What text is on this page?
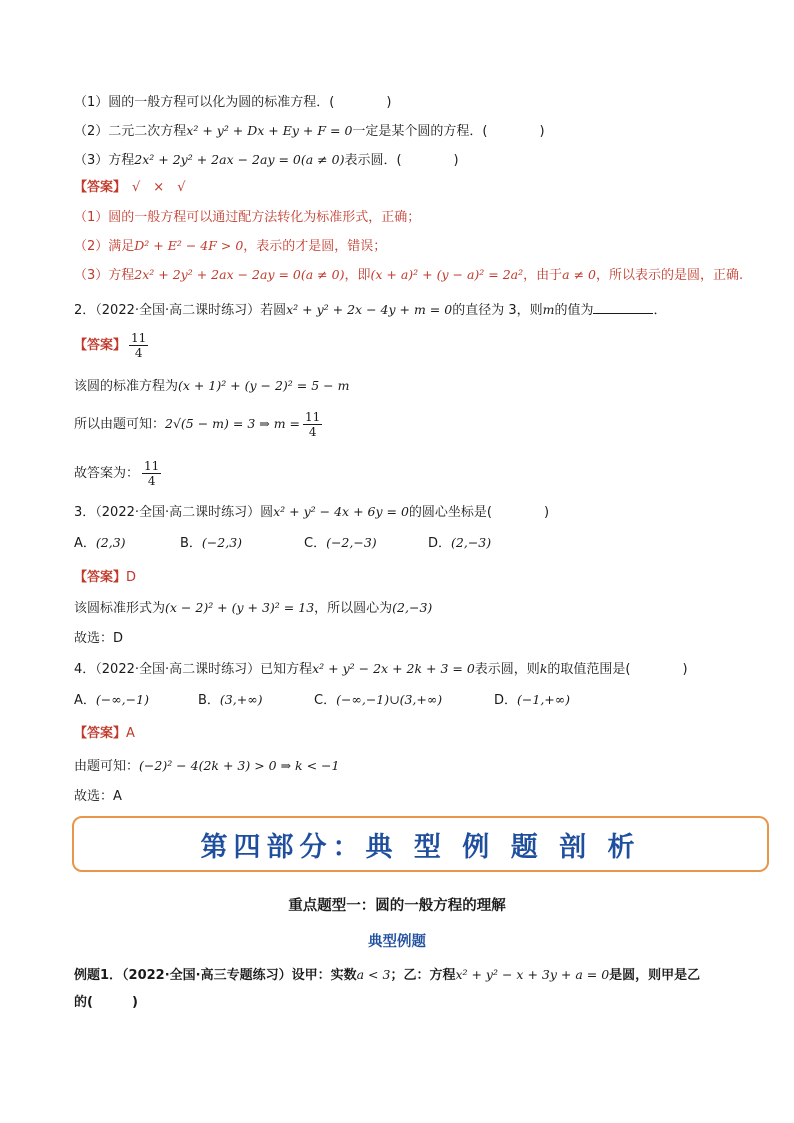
（1）圆的一般方程可以化为圆的标准方程．(　　　　)
（2）二元二次方程x² + y² + Dx + Ey + F = 0一定是某个圆的方程．(　　　　)
（3）方程2x² + 2y² + 2ax − 2ay = 0(a ≠ 0)表示圆．(　　　　)
【答案】 √　×　√
（1）圆的一般方程可以通过配方法转化为标准形式，正确；
（2）满足D² + E² − 4F > 0，表示的才是圆，错误；
（3）方程2x² + 2y² + 2ax − 2ay = 0(a ≠ 0)，即(x + a)² + (y − a)² = 2a²，由于a ≠ 0，所以表示的是圆，正确.
2．（2022·全国·高二课时练习）若圆x² + y² + 2x − 4y + m = 0的直径为 3，则m的值为	．
【答案】 $\frac{11}{4}$
该圆的标准方程为(x + 1)² + (y − 2)² = 5 − m
所以由题可知：2√(5 − m) = 3 ⇒ $m = \frac{11}{4}$
故答案为： $\frac{11}{4}$
3．（2022·全国·高二课时练习）圆x² + y² − 4x + 6y = 0的圆心坐标是(　　　　)
A．(2,3)	B．(−2,3)	C．(−2,−3)	D．(2,−3)
【答案】D
该圆标准形式为(x − 2)² + (y + 3)² = 13，所以圆心为(2,−3)
故选：D
4．（2022·全国·高二课时练习）已知方程x² + y² − 2x + 2k + 3 = 0表示圆，则k的取值范围是(　　　　)
A．(−∞,−1)	B．(3,+∞)	C．(−∞,−1)∪(3,+∞)	D．(−1,+∞)
【答案】A
由题可知：(−2)² − 4(2k + 3) > 0 ⇒ k < −1
故选：A
第四部分：典 型 例 题 剖 析
重点题型一：圆的一般方程的理解
典型例题
例题1．（2022·全国·高三专题练习）设甲：实数a < 3；乙：方程x² + y² − x + 3y + a = 0是圆，则甲是乙
的(　　　)
